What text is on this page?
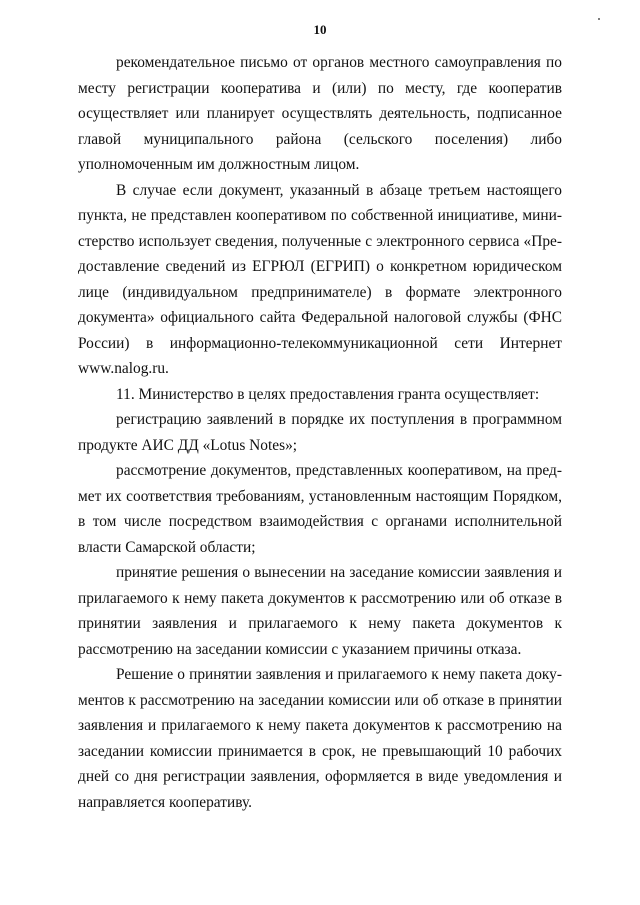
10

рекомендательное письмо от органов местного самоуправления по месту регистрации кооператива и (или) по месту, где кооператив осуществляет или планирует осуществлять деятельность, подписанное главой муниципального района (сельского поселения) либо уполномоченным им должностным лицом.

В случае если документ, указанный в абзаце третьем настоящего пункта, не представлен кооперативом по собственной инициативе, министерство использует сведения, полученные с электронного сервиса «Предоставление сведений из ЕГРЮЛ (ЕГРИП) о конкретном юридическом лице (индивидуальном предпринимателе) в формате электронного документа» официального сайта Федеральной налоговой службы (ФНС России) в информационно-телекоммуникационной сети Интернет www.nalog.ru.

11. Министерство в целях предоставления гранта осуществляет:

регистрацию заявлений в порядке их поступления в программном продукте АИС ДД «Lotus Notes»;

рассмотрение документов, представленных кооперативом, на предмет их соответствия требованиям, установленным настоящим Порядком, в том числе посредством взаимодействия с органами исполнительной власти Самарской области;

принятие решения о вынесении на заседание комиссии заявления и прилагаемого к нему пакета документов к рассмотрению или об отказе в принятии заявления и прилагаемого к нему пакета документов к рассмотрению на заседании комиссии с указанием причины отказа.

Решение о принятии заявления и прилагаемого к нему пакета документов к рассмотрению на заседании комиссии или об отказе в принятии заявления и прилагаемого к нему пакета документов к рассмотрению на заседании комиссии принимается в срок, не превышающий 10 рабочих дней со дня регистрации заявления, оформляется в виде уведомления и направляется кооперативу.
